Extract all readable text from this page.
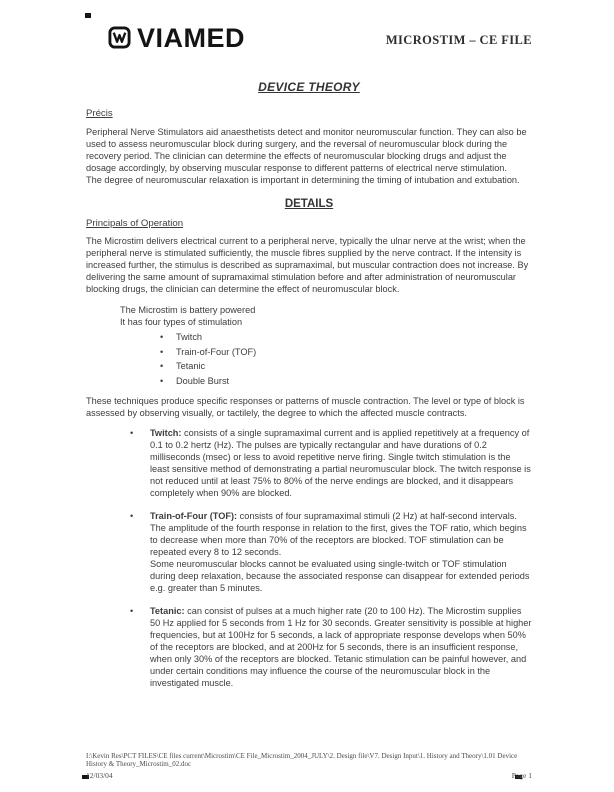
VIAMED	MICROSTIM – CE FILE
DEVICE THEORY
Précis

Peripheral Nerve Stimulators aid anaesthetists detect and monitor neuromuscular function. They can also be used to assess neuromuscular block during surgery, and the reversal of neuromuscular block during the recovery period. The clinician can determine the effects of neuromuscular blocking drugs and adjust the dosage accordingly, by observing muscular response to different patterns of electrical nerve stimulation.

The degree of neuromuscular relaxation is important in determining the timing of intubation and extubation.

DETAILS
Principals of Operation

The Microstim delivers electrical current to a peripheral nerve, typically the ulnar nerve at the wrist; when the peripheral nerve is stimulated sufficiently, the muscle fibres supplied by the nerve contract. If the intensity is increased further, the stimulus is described as supramaximal, but muscular contraction does not increase. By delivering the same amount of supramaximal stimulation before and after administration of neuromuscular blocking drugs, the clinician can determine the effect of neuromuscular block.

The Microstim is battery powered
It has four types of stimulation
• Twitch
• Train-of-Four (TOF)
• Tetanic
• Double Burst

These techniques produce specific responses or patterns of muscle contraction. The level or type of block is assessed by observing visually, or tactilely, the degree to which the affected muscle contracts.

•
Twitch: consists of a single supramaximal current and is applied repetitively at a frequency of 0.1 to 0.2 hertz (Hz). The pulses are typically rectangular and have durations of 0.2 milliseconds (msec) or less to avoid repetitive nerve firing. Single twitch stimulation is the least sensitive method of demonstrating a partial neuromuscular block. The twitch response is not reduced until at least 75% to 80% of the nerve endings are blocked, and it disappears completely when 90% are blocked.
•
Train-of-Four (TOF): consists of four supramaximal stimuli (2 Hz) at half-second intervals. The amplitude of the fourth response in relation to the first, gives the TOF ratio, which begins to decrease when more than 70% of the receptors are blocked. TOF stimulation can be repeated every 8 to 12 seconds.
Some neuromuscular blocks cannot be evaluated using single-twitch or TOF stimulation during deep relaxation, because the associated response can disappear for extended periods e.g. greater than 5 minutes.
•
Tetanic: can consist of pulses at a much higher rate (20 to 100 Hz). The Microstim supplies 50 Hz applied for 5 seconds from 1 Hz for 30 seconds. Greater sensitivity is possible at higher frequencies, but at 100Hz for 5 seconds, a lack of appropriate response develops when 50% of the receptors are blocked, and at 200Hz for 5 seconds, there is an insufficient response, when only 30% of the receptors are blocked. Tetanic stimulation can be painful however, and under certain conditions may influence the course of the neuromuscular block in the investigated muscle.
I:\Kevin Res\PCT FILES\CE files current\Microstim\CE File_Microstim_2004_JULY\2. Design file\V7. Design Input\1. History and Theory\1.01 Device History & Theory_Microstim_02.doc
12/03/04	Page 1
